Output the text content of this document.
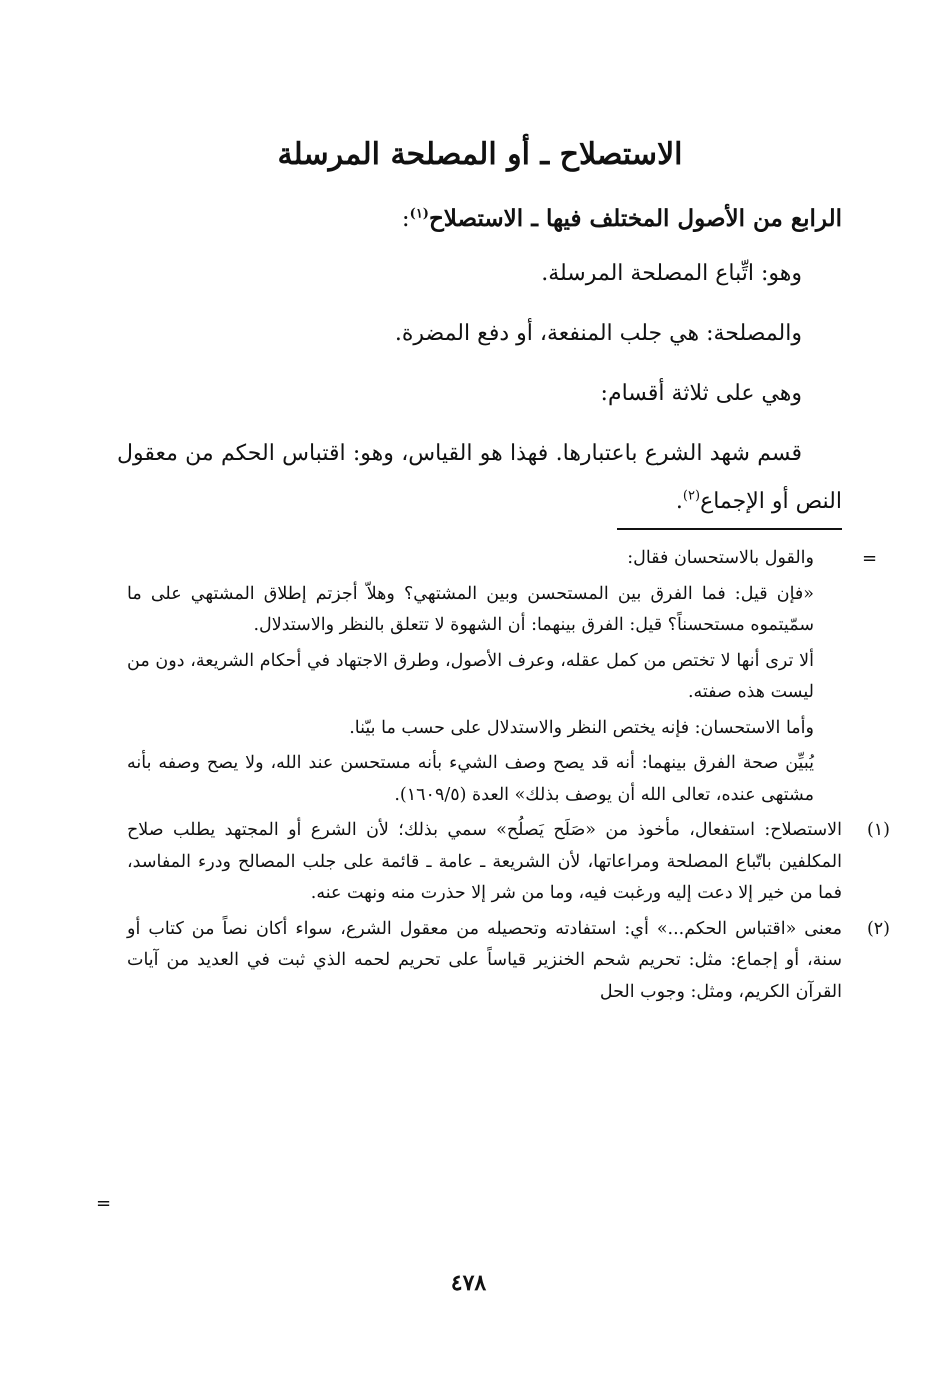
الاستصلاح ـ أو المصلحة المرسلة
الرابع من الأصول المختلف فيها ـ الاستصلاح$^{(١)}$:
وهو: اتِّباع المصلحة المرسلة.
والمصلحة: هي جلب المنفعة، أو دفع المضرة.
وهي على ثلاثة أقسام:
قسم شهد الشرع باعتبارها. فهذا هو القياس، وهو: اقتباس الحكم من معقول النص أو الإجماع$^{(٢)}$.
=

والقول بالاستحسان فقال:

«فإن قيل: فما الفرق بين المستحسن وبين المشتهي؟ وهلاّ أجزتم إطلاق المشتهي على ما سمّيتموه مستحسناً؟ قيل: الفرق بينهما: أن الشهوة لا تتعلق بالنظر والاستدلال.

ألا ترى أنها لا تختص من كمل عقله، وعرف الأصول، وطرق الاجتهاد في أحكام الشريعة، دون من ليست هذه صفته.

وأما الاستحسان: فإنه يختص النظر والاستدلال على حسب ما بيّنا.

يُبيِّن صحة الفرق بينهما: أنه قد يصح وصف الشيء بأنه مستحسن عند الله، ولا يصح وصفه بأنه مشتهى عنده، تعالى الله أن يوصف بذلك» العدة (١٦٠٩/٥).

(١)
الاستصلاح: استفعال، مأخوذ من «صَلَح يَصلُح» سمي بذلك؛ لأن الشرع أو المجتهد يطلب صلاح المكلفين باتّباع المصلحة ومراعاتها، لأن الشريعة ـ عامة ـ قائمة على جلب المصالح ودرء المفاسد، فما من خير إلا دعت إليه ورغبت فيه، وما من شر إلا حذرت منه ونهت عنه.

(٢)
معنى «اقتباس الحكم...» أي: استفادته وتحصيله من معقول الشرع، سواء أكان نصاً من كتاب أو سنة، أو إجماع: مثل: تحريم شحم الخنزير قياساً على تحريم لحمه الذي ثبت في العديد من آيات القرآن الكريم، ومثل: وجوب الحل

=
٤٧٨
